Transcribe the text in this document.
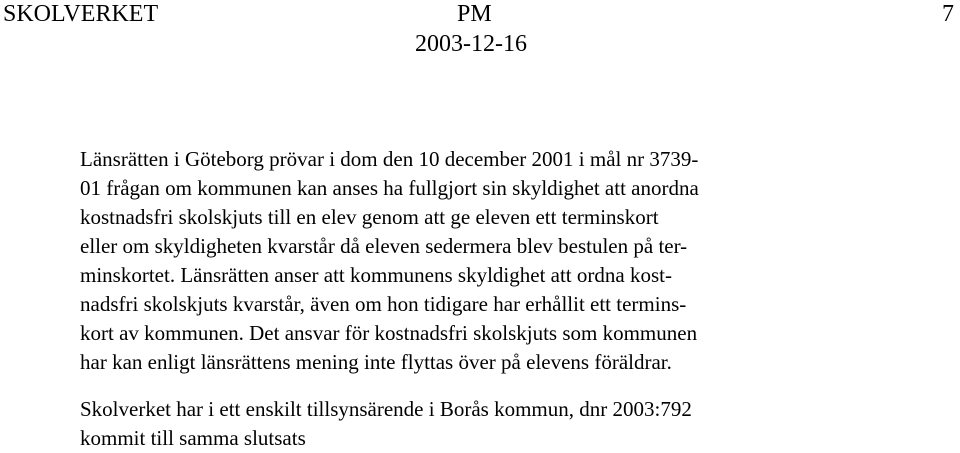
SKOLVERKET	PM	7
2003-12-16
Länsrätten i Göteborg prövar i dom den 10 december 2001 i mål nr 3739-
01 frågan om kommunen kan anses ha fullgjort sin skyldighet att anordna
kostnadsfri skolskjuts till en elev genom att ge eleven ett terminskort
eller om skyldigheten kvarstår då eleven sedermera blev bestulen på ter-
minskortet. Länsrätten anser att kommunens skyldighet att ordna kost-
nadsfri skolskjuts kvarstår, även om hon tidigare har erhållit ett termins-
kort av kommunen. Det ansvar för kostnadsfri skolskjuts som kommunen
har kan enligt länsrättens mening inte flyttas över på elevens föräldrar.
Skolverket har i ett enskilt tillsynsärende i Borås kommun, dnr 2003:792
kommit till samma slutsats
